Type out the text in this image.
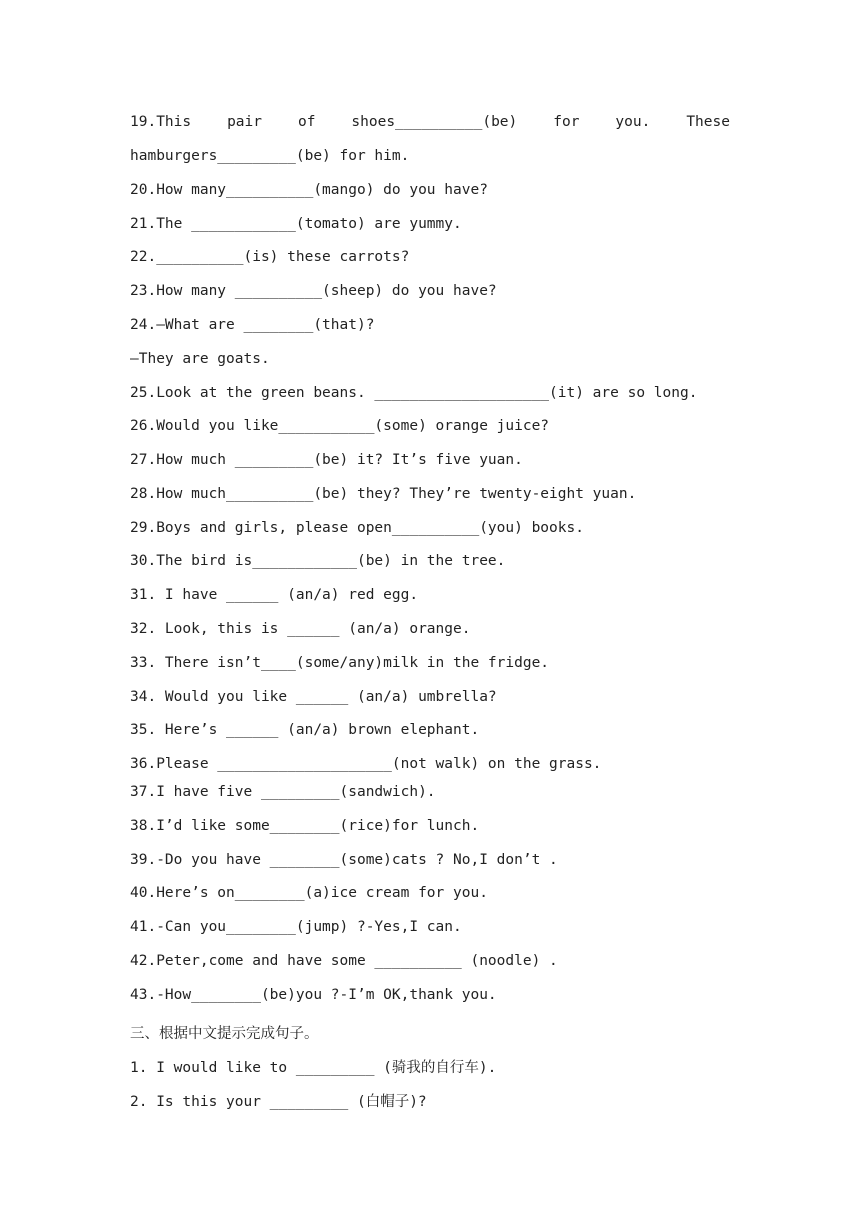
19.This pair of shoes__________(be) for you. These
hamburgers_________(be) for him.
20.How many__________(mango) do you have?
21.The ____________(tomato) are yummy.
22.__________(is) these carrots?
23.How many __________(sheep) do you have?
24.—What are ________(that)?
—They are goats.
25.Look at the green beans. ____________________(it) are so long.
26.Would you like___________(some) orange juice?
27.How much _________(be) it? It’s five yuan.
28.How much__________(be) they? They’re twenty-eight yuan.
29.Boys and girls, please open__________(you) books.
30.The bird is____________(be) in the tree.
31. I have ______ (an/a) red egg.
32. Look, this is ______ (an/a) orange.
33. There isn’t____(some/any)milk in the fridge.
34. Would you like ______ (an/a) umbrella?
35. Here’s ______ (an/a) brown elephant.
36.Please ____________________(not walk) on the grass.
37.I have five _________(sandwich).
38.I’d like some________(rice)for lunch.
39.-Do you have ________(some)cats ? No,I don’t .
40.Here’s on________(a)ice cream for you.
41.-Can you________(jump) ?-Yes,I can.
42.Peter,come and have some __________ (noodle) .
43.-How________(be)you ?-I’m OK,thank you.
三、根据中文提示完成句子。
1. I would like to _________ (骑我的自行车).
2. Is this your _________ (白帽子)?
